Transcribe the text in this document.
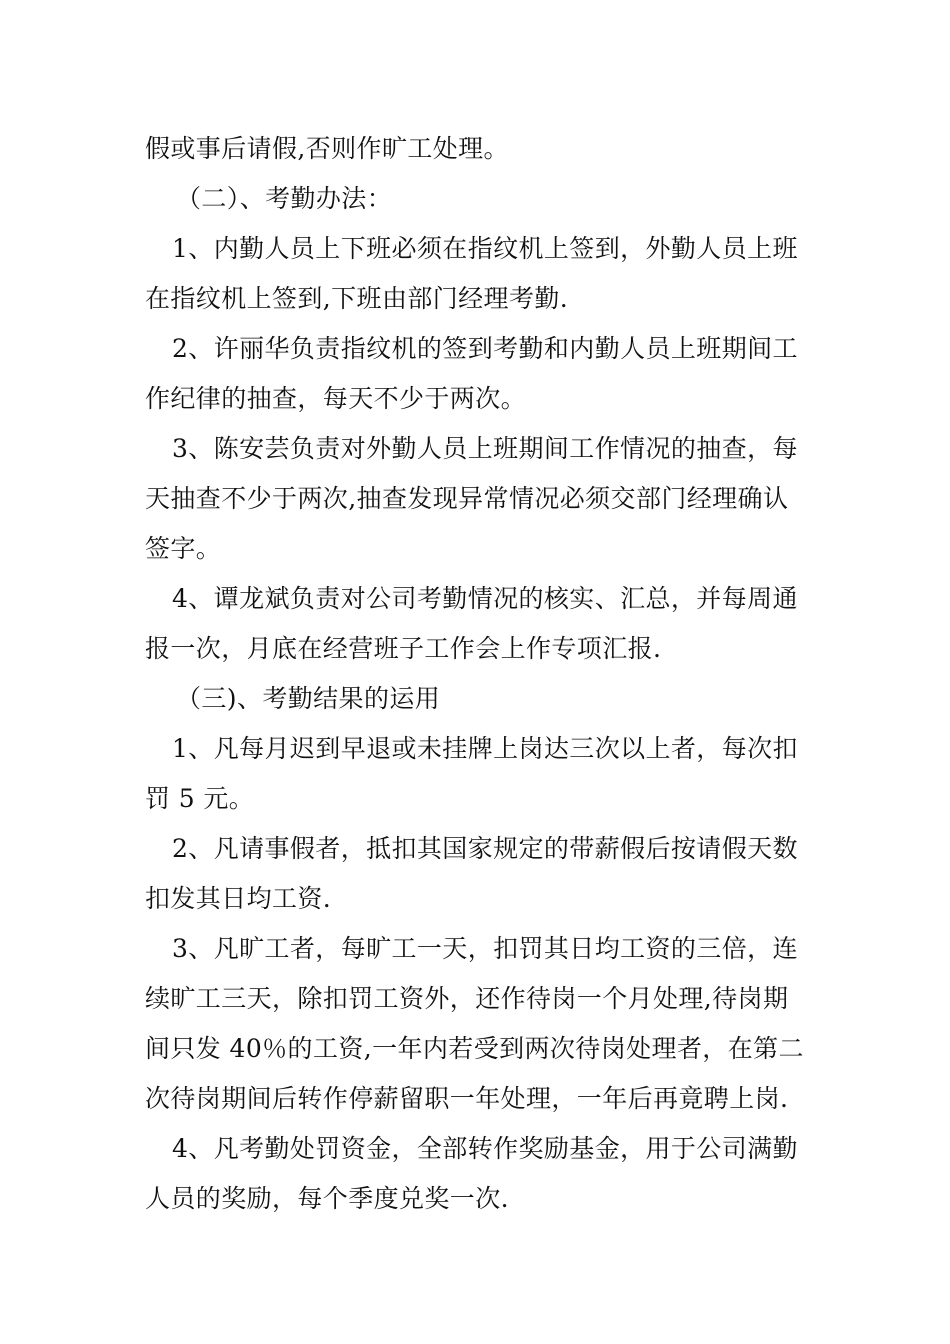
假或事后请假,否则作旷工处理。
（二）、考勤办法：
1、内勤人员上下班必须在指纹机上签到，外勤人员上班
在指纹机上签到,下班由部门经理考勤.
2、许丽华负责指纹机的签到考勤和内勤人员上班期间工
作纪律的抽查，每天不少于两次。
3、陈安芸负责对外勤人员上班期间工作情况的抽查，每
天抽查不少于两次,抽查发现异常情况必须交部门经理确认
签字。
4、谭龙斌负责对公司考勤情况的核实、汇总，并每周通
报一次，月底在经营班子工作会上作专项汇报.
（三)、考勤结果的运用
1、凡每月迟到早退或未挂牌上岗达三次以上者，每次扣
罚 5 元。
2、凡请事假者，抵扣其国家规定的带薪假后按请假天数
扣发其日均工资.
3、凡旷工者，每旷工一天，扣罚其日均工资的三倍，连
续旷工三天，除扣罚工资外，还作待岗一个月处理,待岗期
间只发 40％的工资,一年内若受到两次待岗处理者，在第二
次待岗期间后转作停薪留职一年处理，一年后再竟聘上岗.
4、凡考勤处罚资金，全部转作奖励基金，用于公司满勤
人员的奖励，每个季度兑奖一次.
